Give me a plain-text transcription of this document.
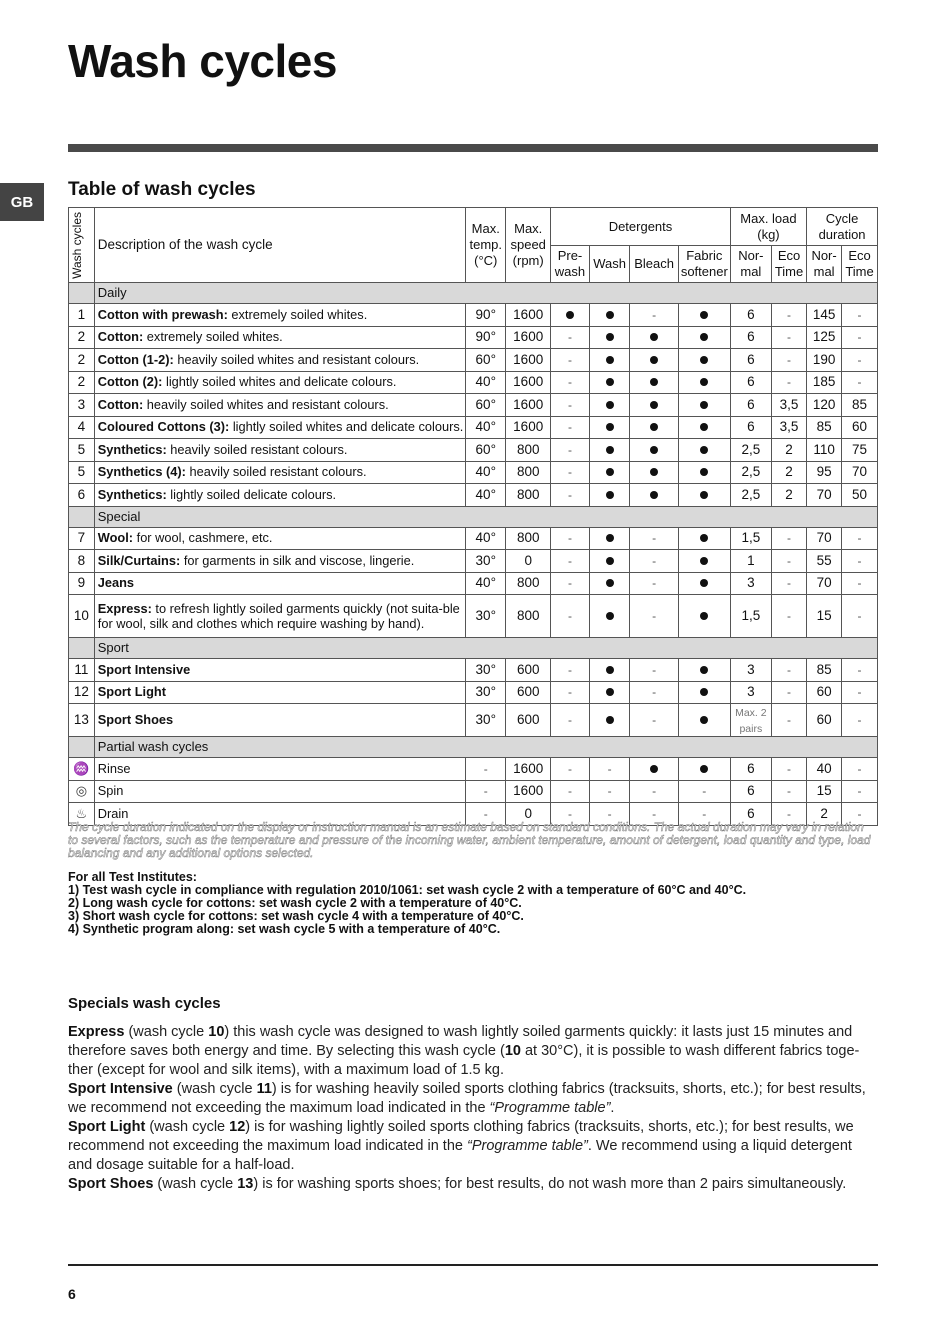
Wash cycles
GB
Table of wash cycles
Wash cycles	Description of the wash cycle	Max. temp. (°C)	Max. speed (rpm)	Detergents				Max. load (kg)		Cycle duration	
				Pre-wash	Wash	Bleach	Fabric softener	Nor-mal	Eco Time	Nor-mal	Eco Time
	Daily										
1	Cotton with prewash: extremely soiled whites.	90°	1600			-		6	-	145	-
2	Cotton: extremely soiled whites.	90°	1600	-				6	-	125	-
2	Cotton (1-2): heavily soiled whites and resistant colours.	60°	1600	-				6	-	190	-
2	Cotton (2): lightly soiled whites and delicate colours.	40°	1600	-				6	-	185	-
3	Cotton: heavily soiled whites and resistant colours.	60°	1600	-				6	3,5	120	85
4	Coloured Cottons (3): lightly soiled whites and delicate colours.	40°	1600	-				6	3,5	85	60
5	Synthetics: heavily soiled resistant colours.	60°	800	-				2,5	2	110	75
5	Synthetics (4): heavily soiled resistant colours.	40°	800	-				2,5	2	95	70
6	Synthetics: lightly soiled delicate colours.	40°	800	-				2,5	2	70	50
	Special										
7	Wool: for wool, cashmere, etc.	40°	800	-		-		1,5	-	70	-
8	Silk/Curtains: for garments in silk and viscose, lingerie.	30°	0	-		-		1	-	55	-
9	Jeans	40°	800	-		-		3	-	70	-
10	Express: to refresh lightly soiled garments quickly (not suita-ble for wool, silk and clothes which require washing by hand).	30°	800	-		-		1,5	-	15	-
	Sport										
11	Sport Intensive	30°	600	-		-		3	-	85	-
12	Sport Light	30°	600	-		-		3	-	60	-
13	Sport Shoes	30°	600	-		-		Max. 2 pairs	-	60	-
	Partial wash cycles										
♒	Rinse	-	1600	-	-			6	-	40	-
◎	Spin	-	1600	-	-	-	-	6	-	15	-
♨	Drain	-	0	-	-	-	-	6	-	2	-
The cycle duration indicated on the display or instruction manual is an estimate based on standard conditions. The actual duration may vary in relation to several factors, such as the temperature and pressure of the incoming water, ambient temperature, amount of detergent, load quantity and type, load balancing and any additional options selected.
For all Test Institutes:
1) Test wash cycle in compliance with regulation 2010/1061: set wash cycle 2 with a temperature of 60°C and 40°C.
2) Long wash cycle for cottons: set wash cycle 2 with a temperature of 40°C.
3) Short wash cycle for cottons: set wash cycle 4 with a temperature of 40°C.
4) Synthetic program along: set wash cycle 5 with a temperature of 40°C.
Specials wash cycles

Express (wash cycle 10) this wash cycle was designed to wash lightly soiled garments quickly: it lasts just 15 minutes and therefore saves both energy and time. By selecting this wash cycle (10 at 30°C), it is possible to wash different fabrics toge-ther (except for wool and silk items), with a maximum load of 1.5 kg.

Sport Intensive (wash cycle 11) is for washing heavily soiled sports clothing fabrics (tracksuits, shorts, etc.); for best results, we recommend not exceeding the maximum load indicated in the “Programme table”.

Sport Light (wash cycle 12) is for washing lightly soiled sports clothing fabrics (tracksuits, shorts, etc.); for best results, we recommend not exceeding the maximum load indicated in the “Programme table”. We recommend using a liquid detergent and dosage suitable for a half-load.

Sport Shoes (wash cycle 13) is for washing sports shoes; for best results, do not wash more than 2 pairs simultaneously.

6
